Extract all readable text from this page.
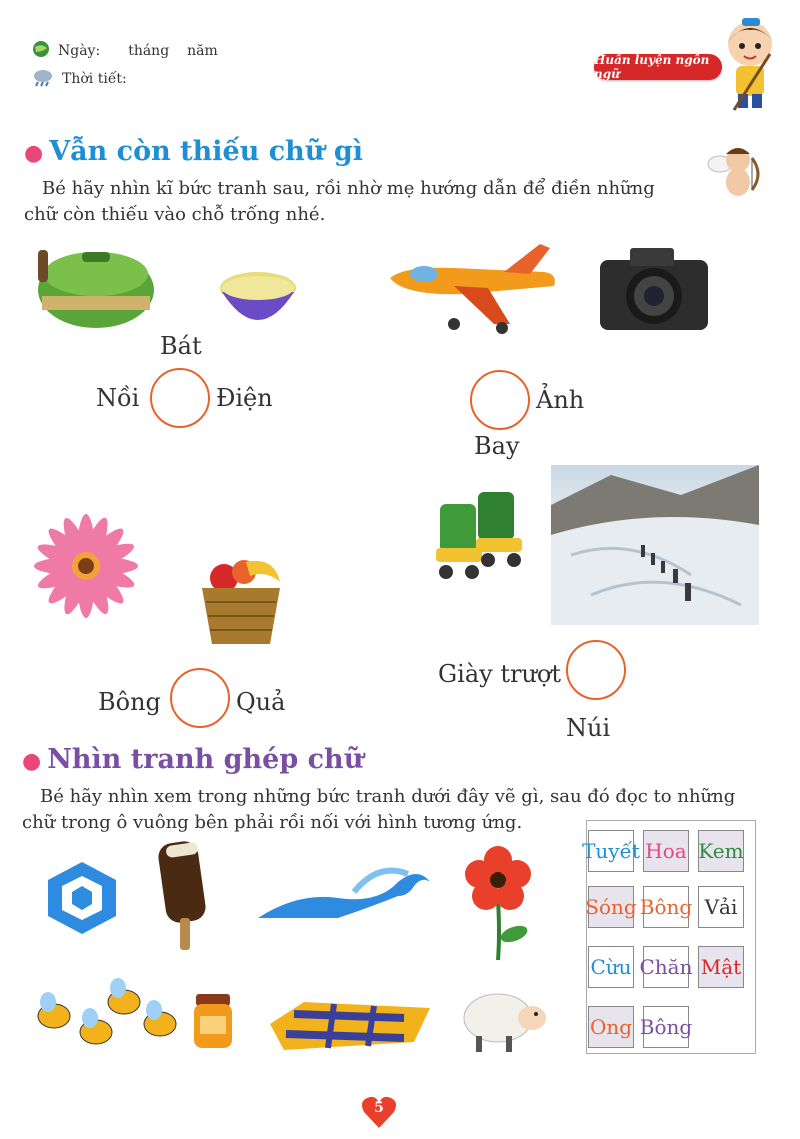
Ngày: tháng năm
Thời tiết:
Huấn luyện ngôn ngữ
● Vẫn còn thiếu chữ gì
Bé hãy nhìn kĩ bức tranh sau, rồi nhờ mẹ hướng dẫn để điền những chữ còn thiếu vào chỗ trống nhé.
Bát
Nồi	Điện	Ảnh
Bay
Bông	Quả
Giày trượt
Núi
● Nhìn tranh ghép chữ
Bé hãy nhìn xem trong những bức tranh dưới đây vẽ gì, sau đó đọc to những chữ trong ô vuông bên phải rồi nối với hình tương ứng.
Tuyết Hoa Kem
Sóng Bông Vải
Cừu Chăn Mật
Ong Bông
5
